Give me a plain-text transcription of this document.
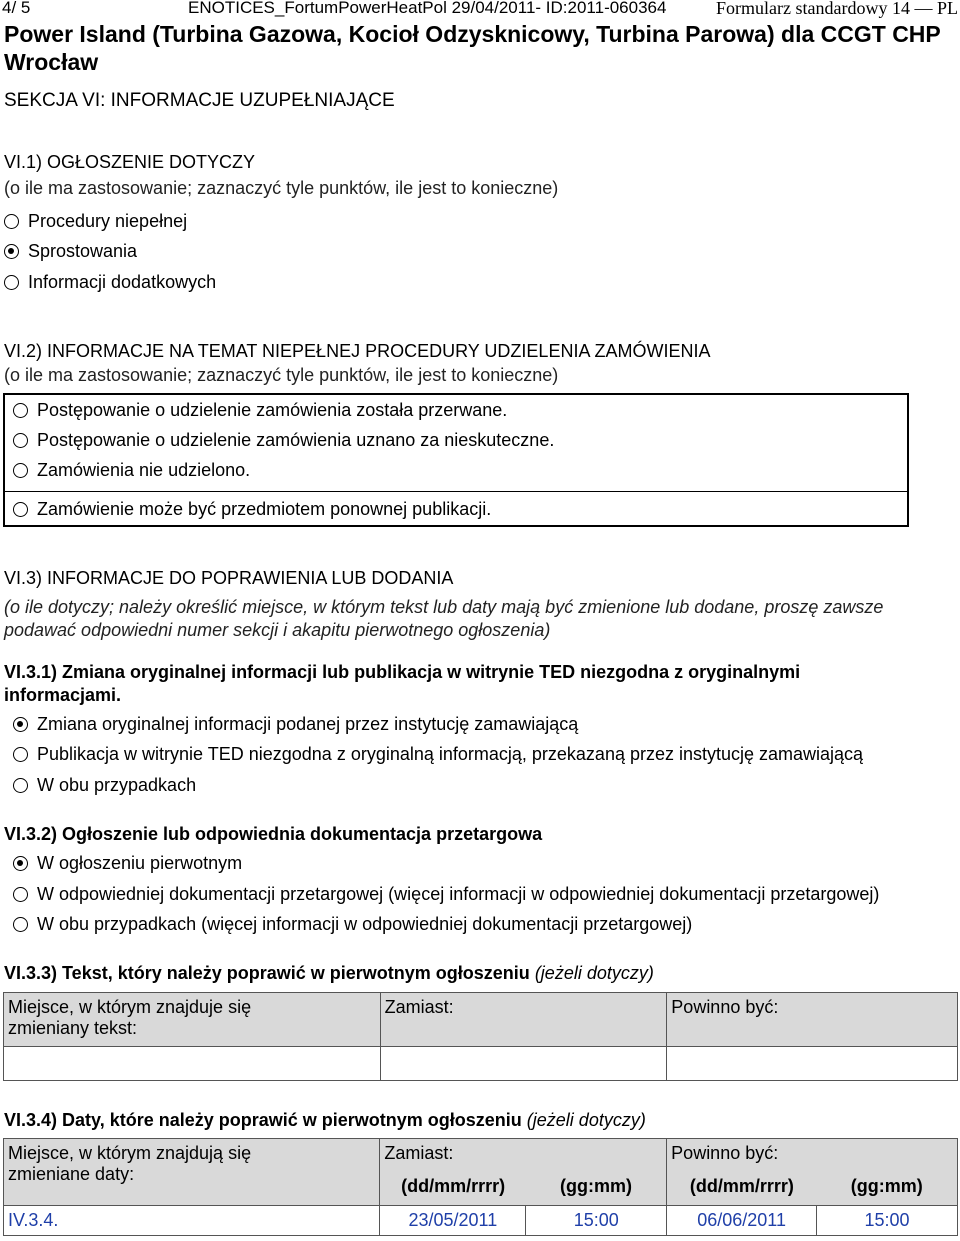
4/ 5	ENOTICES_FortumPowerHeatPol 29/04/2011- ID:2011-060364	Formularz standardowy 14 — PL
Power Island (Turbina Gazowa, Kocioł Odzysknicowy, Turbina Parowa) dla CCGT CHP Wrocław
SEKCJA VI: INFORMACJE UZUPEŁNIAJĄCE
VI.1) OGŁOSZENIE DOTYCZY
(o ile ma zastosowanie; zaznaczyć tyle punktów, ile jest to konieczne)
Procedury niepełnej
Sprostowania
Informacji dodatkowych
VI.2) INFORMACJE NA TEMAT NIEPEŁNEJ PROCEDURY UDZIELENIA ZAMÓWIENIA
(o ile ma zastosowanie; zaznaczyć tyle punktów, ile jest to konieczne)
Postępowanie o udzielenie zamówienia została przerwane.
Postępowanie o udzielenie zamówienia uznano za nieskuteczne.
Zamówienia nie udzielono.
Zamówienie może być przedmiotem ponownej publikacji.
VI.3) INFORMACJE DO POPRAWIENIA LUB DODANIA
(o ile dotyczy; należy określić miejsce, w którym tekst lub daty mają być zmienione lub dodane, proszę zawsze
podawać odpowiedni numer sekcji i akapitu pierwotnego ogłoszenia)
VI.3.1) Zmiana oryginalnej informacji lub publikacja w witrynie TED niezgodna z oryginalnymi
informacjami.
Zmiana oryginalnej informacji podanej przez instytucję zamawiającą
Publikacja w witrynie TED niezgodna z oryginalną informacją, przekazaną przez instytucję zamawiającą
W obu przypadkach
VI.3.2) Ogłoszenie lub odpowiednia dokumentacja przetargowa
W ogłoszeniu pierwotnym
W odpowiedniej dokumentacji przetargowej (więcej informacji w odpowiedniej dokumentacji przetargowej)
W obu przypadkach (więcej informacji w odpowiedniej dokumentacji przetargowej)
VI.3.3) Tekst, który należy poprawić w pierwotnym ogłoszeniu (jeżeli dotyczy)
Miejsce, w którym znajduje się
zmieniany tekst:	Zamiast:	Powinno być:

VI.3.4) Daty, które należy poprawić w pierwotnym ogłoszeniu (jeżeli dotyczy)
Miejsce, w którym znajdują się
zmieniane daty:	Zamiast:		Powinno być:	
	(dd/mm/rrrr)	(gg:mm)	(dd/mm/rrrr)	(gg:mm)
IV.3.4.	23/05/2011	15:00	06/06/2011	15:00
